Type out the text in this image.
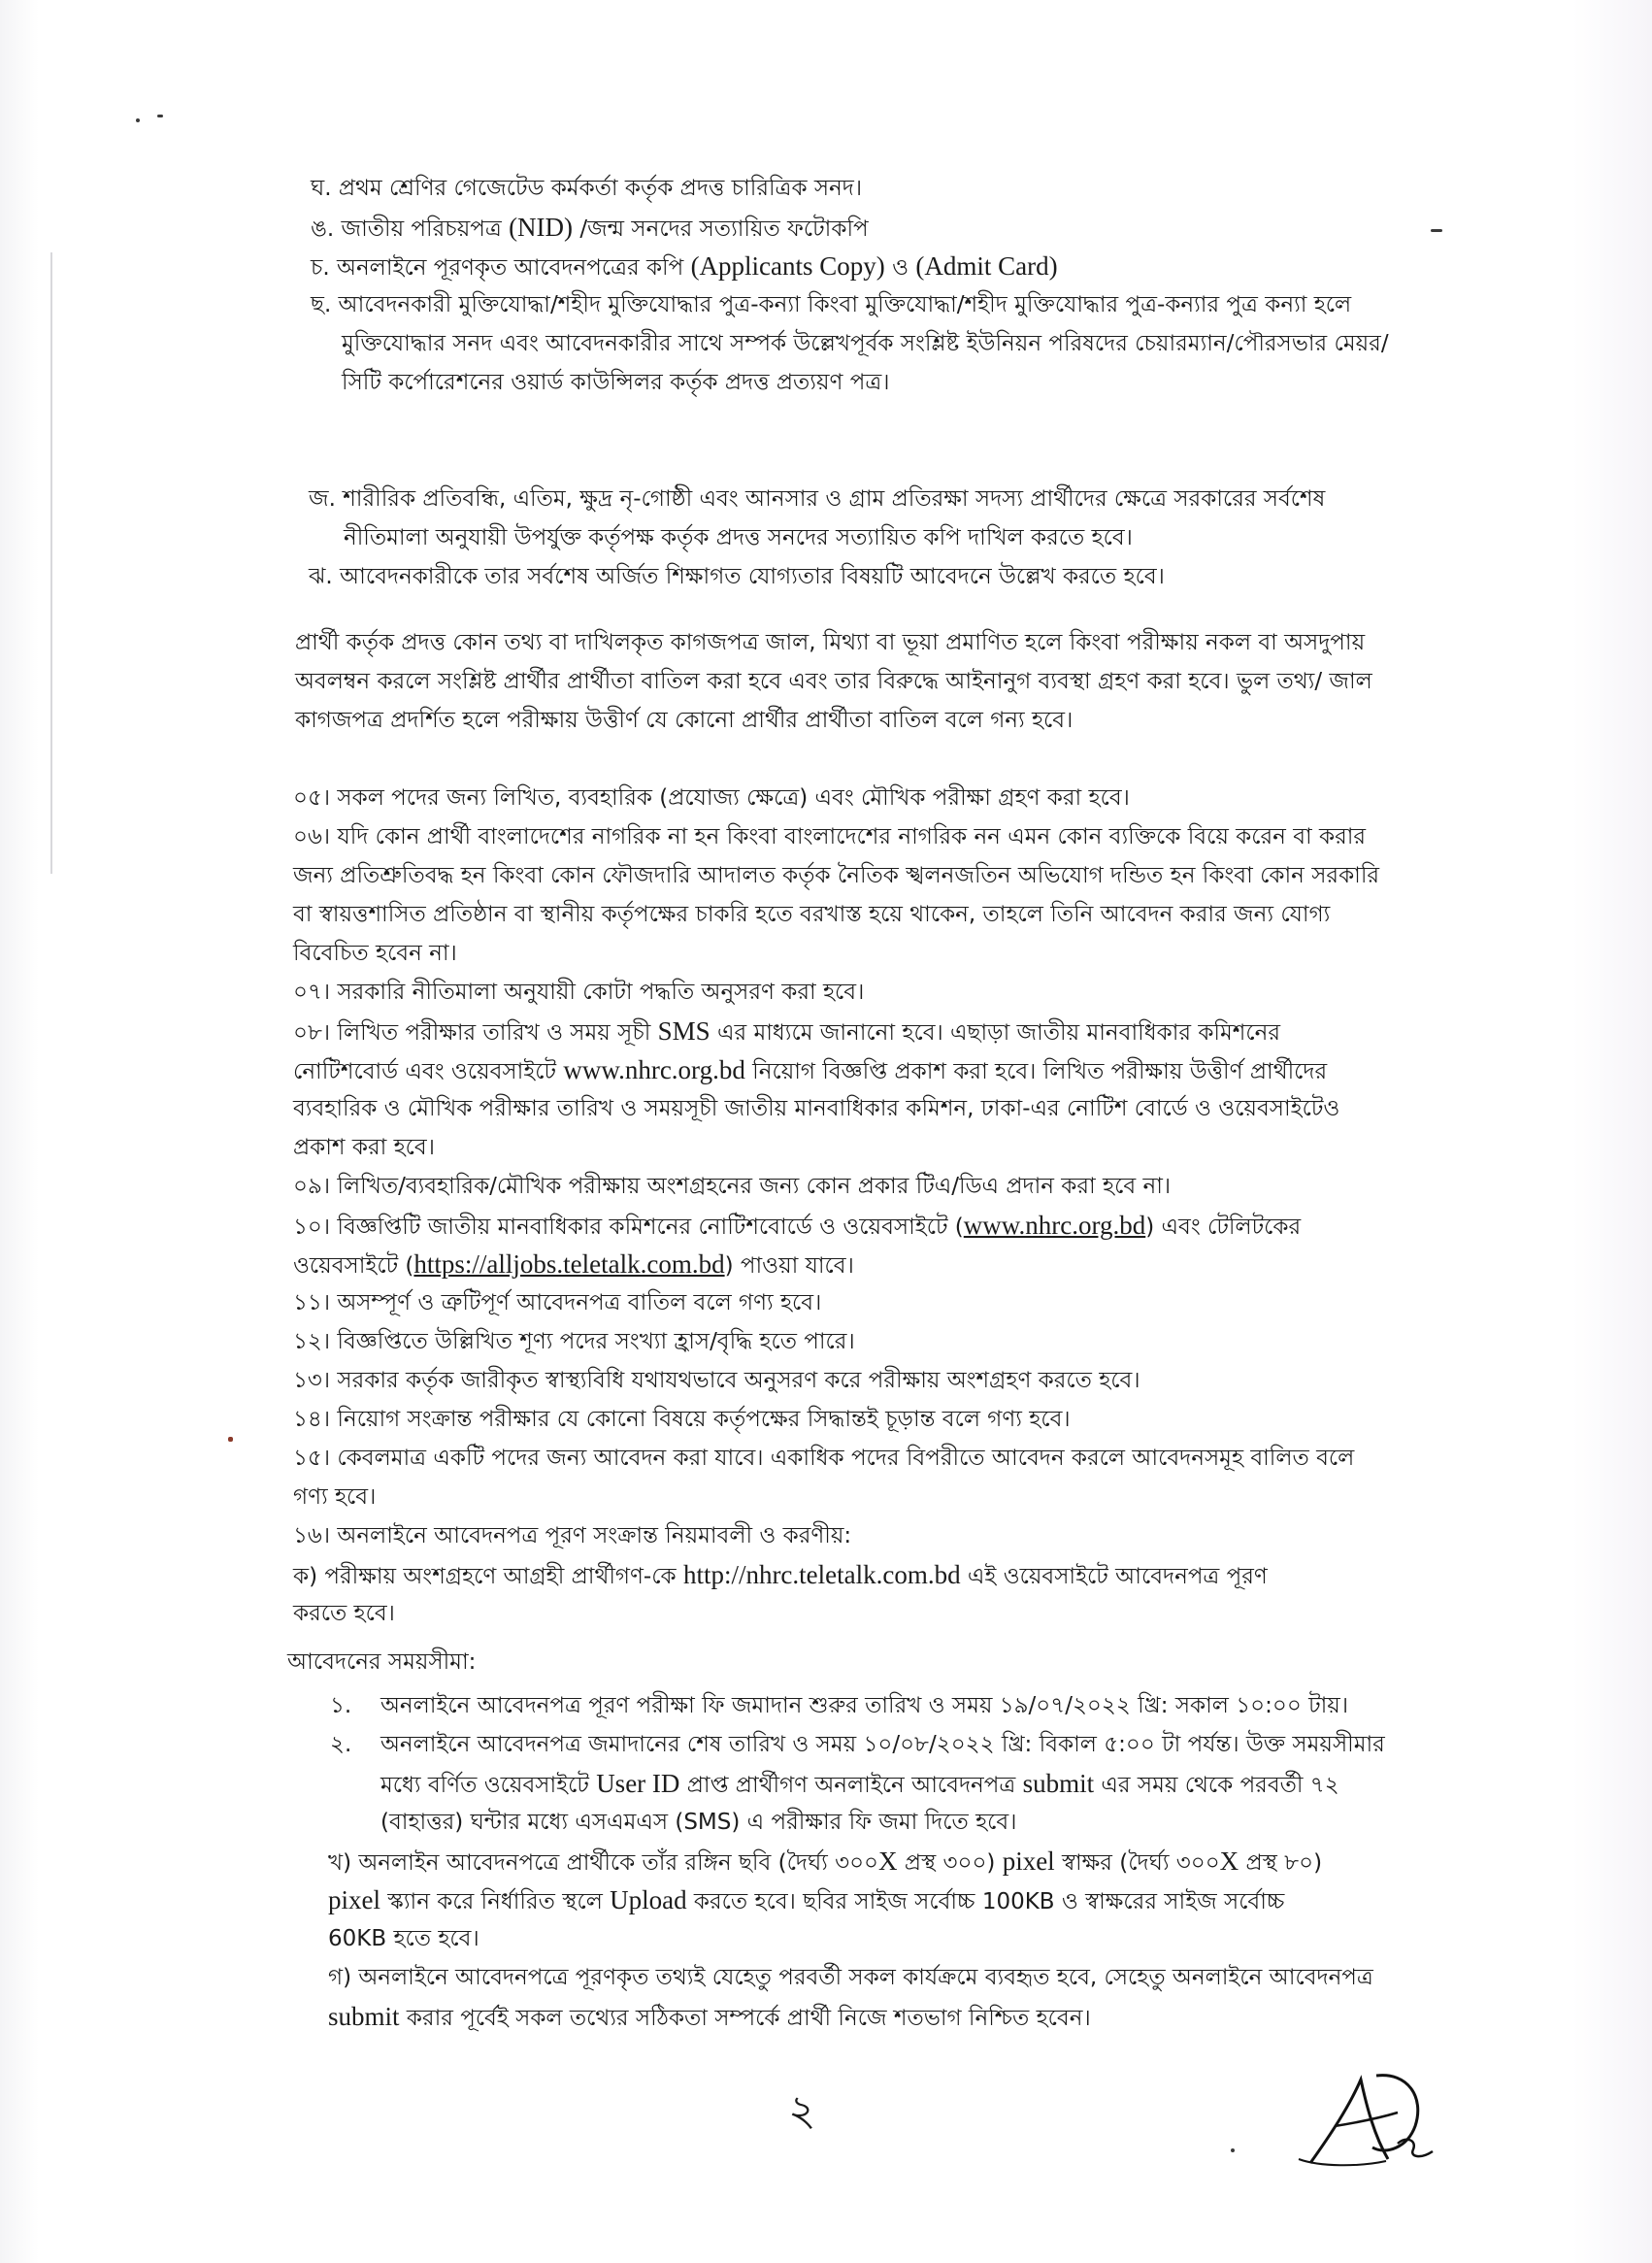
ঘ. প্রথম শ্রেণির গেজেটেড কর্মকর্তা কর্তৃক প্রদত্ত চারিত্রিক সনদ।
ঙ. জাতীয় পরিচয়পত্র (NID) /জন্ম সনদের সত্যায়িত ফটোকপি
চ. অনলাইনে পূরণকৃত আবেদনপত্রের কপি (Applicants Copy) ও (Admit Card)
ছ. আবেদনকারী মুক্তিযোদ্ধা/শহীদ মুক্তিযোদ্ধার পুত্র-কন্যা কিংবা মুক্তিযোদ্ধা/শহীদ মুক্তিযোদ্ধার পুত্র-কন্যার পুত্র কন্যা হলে
মুক্তিযোদ্ধার সনদ এবং আবেদনকারীর সাথে সম্পর্ক উল্লেখপূর্বক সংশ্লিষ্ট ইউনিয়ন পরিষদের চেয়ারম্যান/পৌরসভার মেয়র/
সিটি কর্পোরেশনের ওয়ার্ড কাউন্সিলর কর্তৃক প্রদত্ত প্রত্যয়ণ পত্র।
জ. শারীরিক প্রতিবন্ধি, এতিম, ক্ষুদ্র নৃ-গোষ্ঠী এবং আনসার ও গ্রাম প্রতিরক্ষা সদস্য প্রার্থীদের ক্ষেত্রে সরকারের সর্বশেষ
নীতিমালা অনুযায়ী উপর্যুক্ত কর্তৃপক্ষ কর্তৃক প্রদত্ত সনদের সত্যায়িত কপি দাখিল করতে হবে।
ঝ. আবেদনকারীকে তার সর্বশেষ অর্জিত শিক্ষাগত যোগ্যতার বিষয়টি আবেদনে উল্লেখ করতে হবে।
প্রার্থী কর্তৃক প্রদত্ত কোন তথ্য বা দাখিলকৃত কাগজপত্র জাল, মিথ্যা বা ভূয়া প্রমাণিত হলে কিংবা পরীক্ষায় নকল বা অসদুপায়
অবলম্বন করলে সংশ্লিষ্ট প্রার্থীর প্রার্থীতা বাতিল করা হবে এবং তার বিরুদ্ধে আইনানুগ ব্যবস্থা গ্রহণ করা হবে। ভুল তথ্য/ জাল
কাগজপত্র প্রদর্শিত হলে পরীক্ষায় উত্তীর্ণ যে কোনো প্রার্থীর প্রার্থীতা বাতিল বলে গন্য হবে।
০৫। সকল পদের জন্য লিখিত, ব্যবহারিক (প্রযোজ্য ক্ষেত্রে) এবং মৌখিক পরীক্ষা গ্রহণ করা হবে।
০৬। যদি কোন প্রার্থী বাংলাদেশের নাগরিক না হন কিংবা বাংলাদেশের নাগরিক নন এমন কোন ব্যক্তিকে বিয়ে করেন বা করার
জন্য প্রতিশ্রুতিবদ্ধ হন কিংবা কোন ফৌজদারি আদালত কর্তৃক নৈতিক স্খলনজতিন অভিযোগ দন্ডিত হন কিংবা কোন সরকারি
বা স্বায়ত্তশাসিত প্রতিষ্ঠান বা স্থানীয় কর্তৃপক্ষের চাকরি হতে বরখাস্ত হয়ে থাকেন, তাহলে তিনি আবেদন করার জন্য যোগ্য
বিবেচিত হবেন না।
০৭। সরকারি নীতিমালা অনুযায়ী কোটা পদ্ধতি অনুসরণ করা হবে।
০৮। লিখিত পরীক্ষার তারিখ ও সময় সূচী SMS এর মাধ্যমে জানানো হবে। এছাড়া জাতীয় মানবাধিকার কমিশনের
নোটিশবোর্ড এবং ওয়েবসাইটে www.nhrc.org.bd নিয়োগ বিজ্ঞপ্তি প্রকাশ করা হবে। লিখিত পরীক্ষায় উত্তীর্ণ প্রার্থীদের
ব্যবহারিক ও মৌখিক পরীক্ষার তারিখ ও সময়সূচী জাতীয় মানবাধিকার কমিশন, ঢাকা-এর নোটিশ বোর্ডে ও ওয়েবসাইটেও
প্রকাশ করা হবে।
০৯। লিখিত/ব্যবহারিক/মৌখিক পরীক্ষায় অংশগ্রহনের জন্য কোন প্রকার টিএ/ডিএ প্রদান করা হবে না।
১০। বিজ্ঞপ্তিটি জাতীয় মানবাধিকার কমিশনের নোটিশবোর্ডে ও ওয়েবসাইটে (www.nhrc.org.bd) এবং টেলিটকের
ওয়েবসাইটে (https://alljobs.teletalk.com.bd) পাওয়া যাবে।
১১। অসম্পূর্ণ ও ত্রুটিপূর্ণ আবেদনপত্র বাতিল বলে গণ্য হবে।
১২। বিজ্ঞপ্তিতে উল্লিখিত শূণ্য পদের সংখ্যা হ্রাস/বৃদ্ধি হতে পারে।
১৩। সরকার কর্তৃক জারীকৃত স্বাস্থ্যবিধি যথাযথভাবে অনুসরণ করে পরীক্ষায় অংশগ্রহণ করতে হবে।
১৪। নিয়োগ সংক্রান্ত পরীক্ষার যে কোনো বিষয়ে কর্তৃপক্ষের সিদ্ধান্তই চূড়ান্ত বলে গণ্য হবে।
১৫। কেবলমাত্র একটি পদের জন্য আবেদন করা যাবে। একাধিক পদের বিপরীতে আবেদন করলে আবেদনসমূহ বালিত বলে
গণ্য হবে।
১৬। অনলাইনে আবেদনপত্র পূরণ সংক্রান্ত নিয়মাবলী ও করণীয়:
ক) পরীক্ষায় অংশগ্রহণে আগ্রহী প্রার্থীগণ-কে http://nhrc.teletalk.com.bd এই ওয়েবসাইটে আবেদনপত্র পূরণ
করতে হবে।
আবেদনের সময়সীমা:
১. অনলাইনে আবেদনপত্র পূরণ পরীক্ষা ফি জমাদান শুরুর তারিখ ও সময় ১৯/০৭/২০২২ খ্রি: সকাল ১০:০০ টায়।
২. অনলাইনে আবেদনপত্র জমাদানের শেষ তারিখ ও সময় ১০/০৮/২০২২ খ্রি: বিকাল ৫:০০ টা পর্যন্ত। উক্ত সময়সীমার
মধ্যে বর্ণিত ওয়েবসাইটে User ID প্রাপ্ত প্রার্থীগণ অনলাইনে আবেদনপত্র submit এর সময় থেকে পরবর্তী ৭২
(বাহাত্তর) ঘন্টার মধ্যে এসএমএস (SMS) এ পরীক্ষার ফি জমা দিতে হবে।
খ) অনলাইন আবেদনপত্রে প্রার্থীকে তাঁর রঙ্গিন ছবি (দৈর্ঘ্য ৩০০X প্রস্থ ৩০০) pixel স্বাক্ষর (দৈর্ঘ্য ৩০০X প্রস্থ ৮০)
pixel স্ক্যান করে নির্ধারিত স্থলে Upload করতে হবে। ছবির সাইজ সর্বোচ্চ 100KB ও স্বাক্ষরের সাইজ সর্বোচ্চ
60KB হতে হবে।
গ) অনলাইনে আবেদনপত্রে পূরণকৃত তথ্যই যেহেতু পরবর্তী সকল কার্যক্রমে ব্যবহৃত হবে, সেহেতু অনলাইনে আবেদনপত্র
submit করার পূর্বেই সকল তথ্যের সঠিকতা সম্পর্কে প্রার্থী নিজে শতভাগ নিশ্চিত হবেন।
২
